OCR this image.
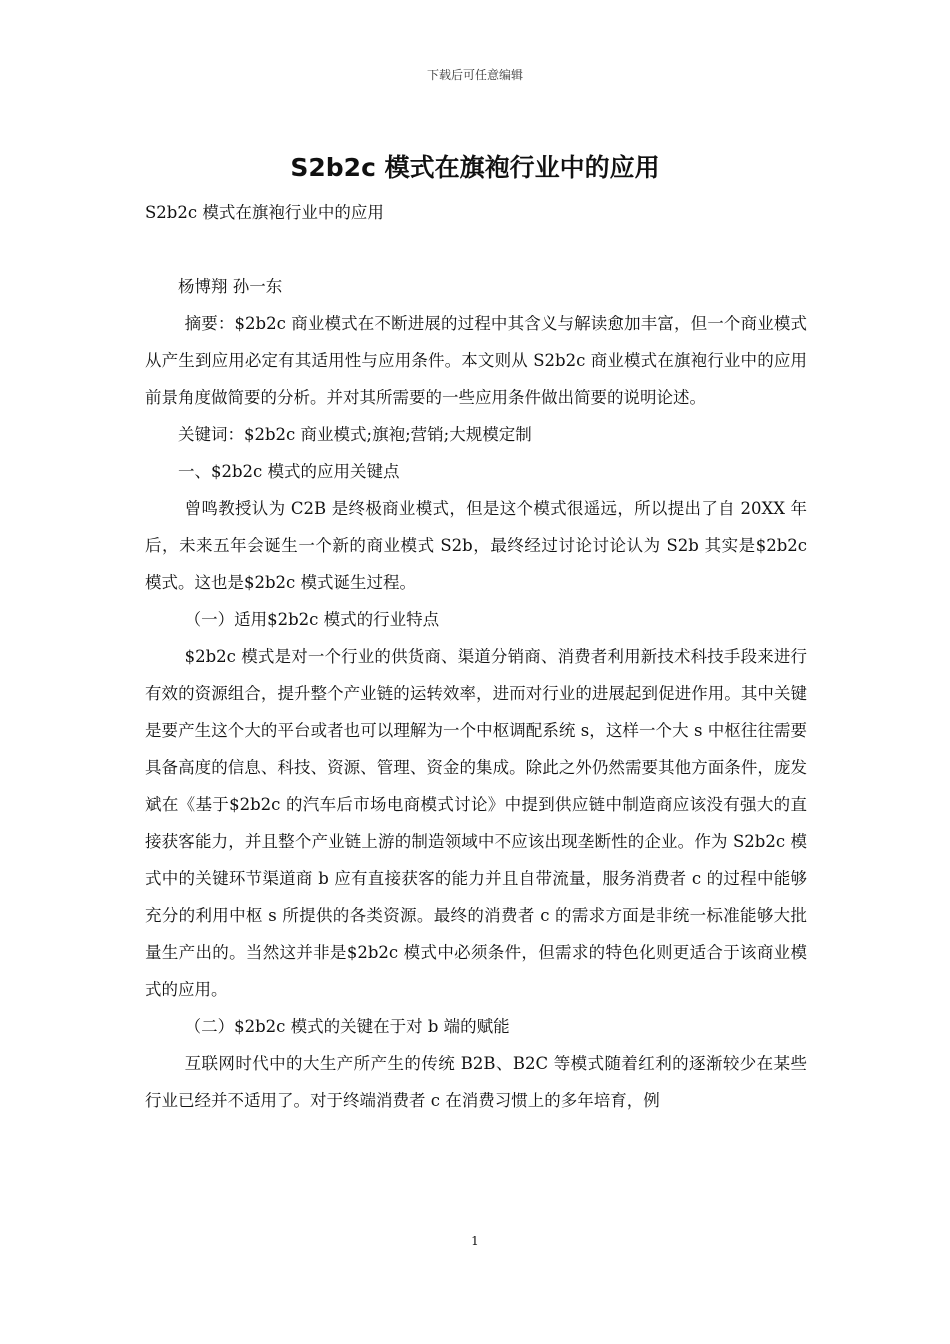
下载后可任意编辑
S2b2c 模式在旗袍行业中的应用

S2b2c 模式在旗袍行业中的应用

杨博翔 孙一东

摘要：$2b2c 商业模式在不断进展的过程中其含义与解读愈加丰富，但一个商业模式从产生到应用必定有其适用性与应用条件。本文则从 S2b2c 商业模式在旗袍行业中的应用前景角度做简要的分析。并对其所需要的一些应用条件做出简要的说明论述。

关键词：$2b2c 商业模式;旗袍;营销;大规模定制

一、$2b2c 模式的应用关键点

曾鸣教授认为 C2B 是终极商业模式，但是这个模式很遥远，所以提出了自 20XX 年后，未来五年会诞生一个新的商业模式 S2b，最终经过讨论讨论认为 S2b 其实是$2b2c 模式。这也是$2b2c 模式诞生过程。

（一）适用$2b2c 模式的行业特点

$2b2c 模式是对一个行业的供货商、渠道分销商、消费者利用新技术科技手段来进行有效的资源组合，提升整个产业链的运转效率，进而对行业的进展起到促进作用。其中关键是要产生这个大的平台或者也可以理解为一个中枢调配系统 s，这样一个大 s 中枢往往需要具备高度的信息、科技、资源、管理、资金的集成。除此之外仍然需要其他方面条件，庞发斌在《基于$2b2c 的汽车后市场电商模式讨论》中提到供应链中制造商应该没有强大的直接获客能力，并且整个产业链上游的制造领域中不应该出现垄断性的企业。作为 S2b2c 模式中的关键环节渠道商 b 应有直接获客的能力并且自带流量，服务消费者 c 的过程中能够充分的利用中枢 s 所提供的各类资源。最终的消费者 c 的需求方面是非统一标准能够大批量生产出的。当然这并非是$2b2c 模式中必须条件，但需求的特色化则更适合于该商业模式的应用。

（二）$2b2c 模式的关键在于对 b 端的赋能

互联网时代中的大生产所产生的传统 B2B、B2C 等模式随着红利的逐渐较少在某些行业已经并不适用了。对于终端消费者 c 在消费习惯上的多年培育，例

1
